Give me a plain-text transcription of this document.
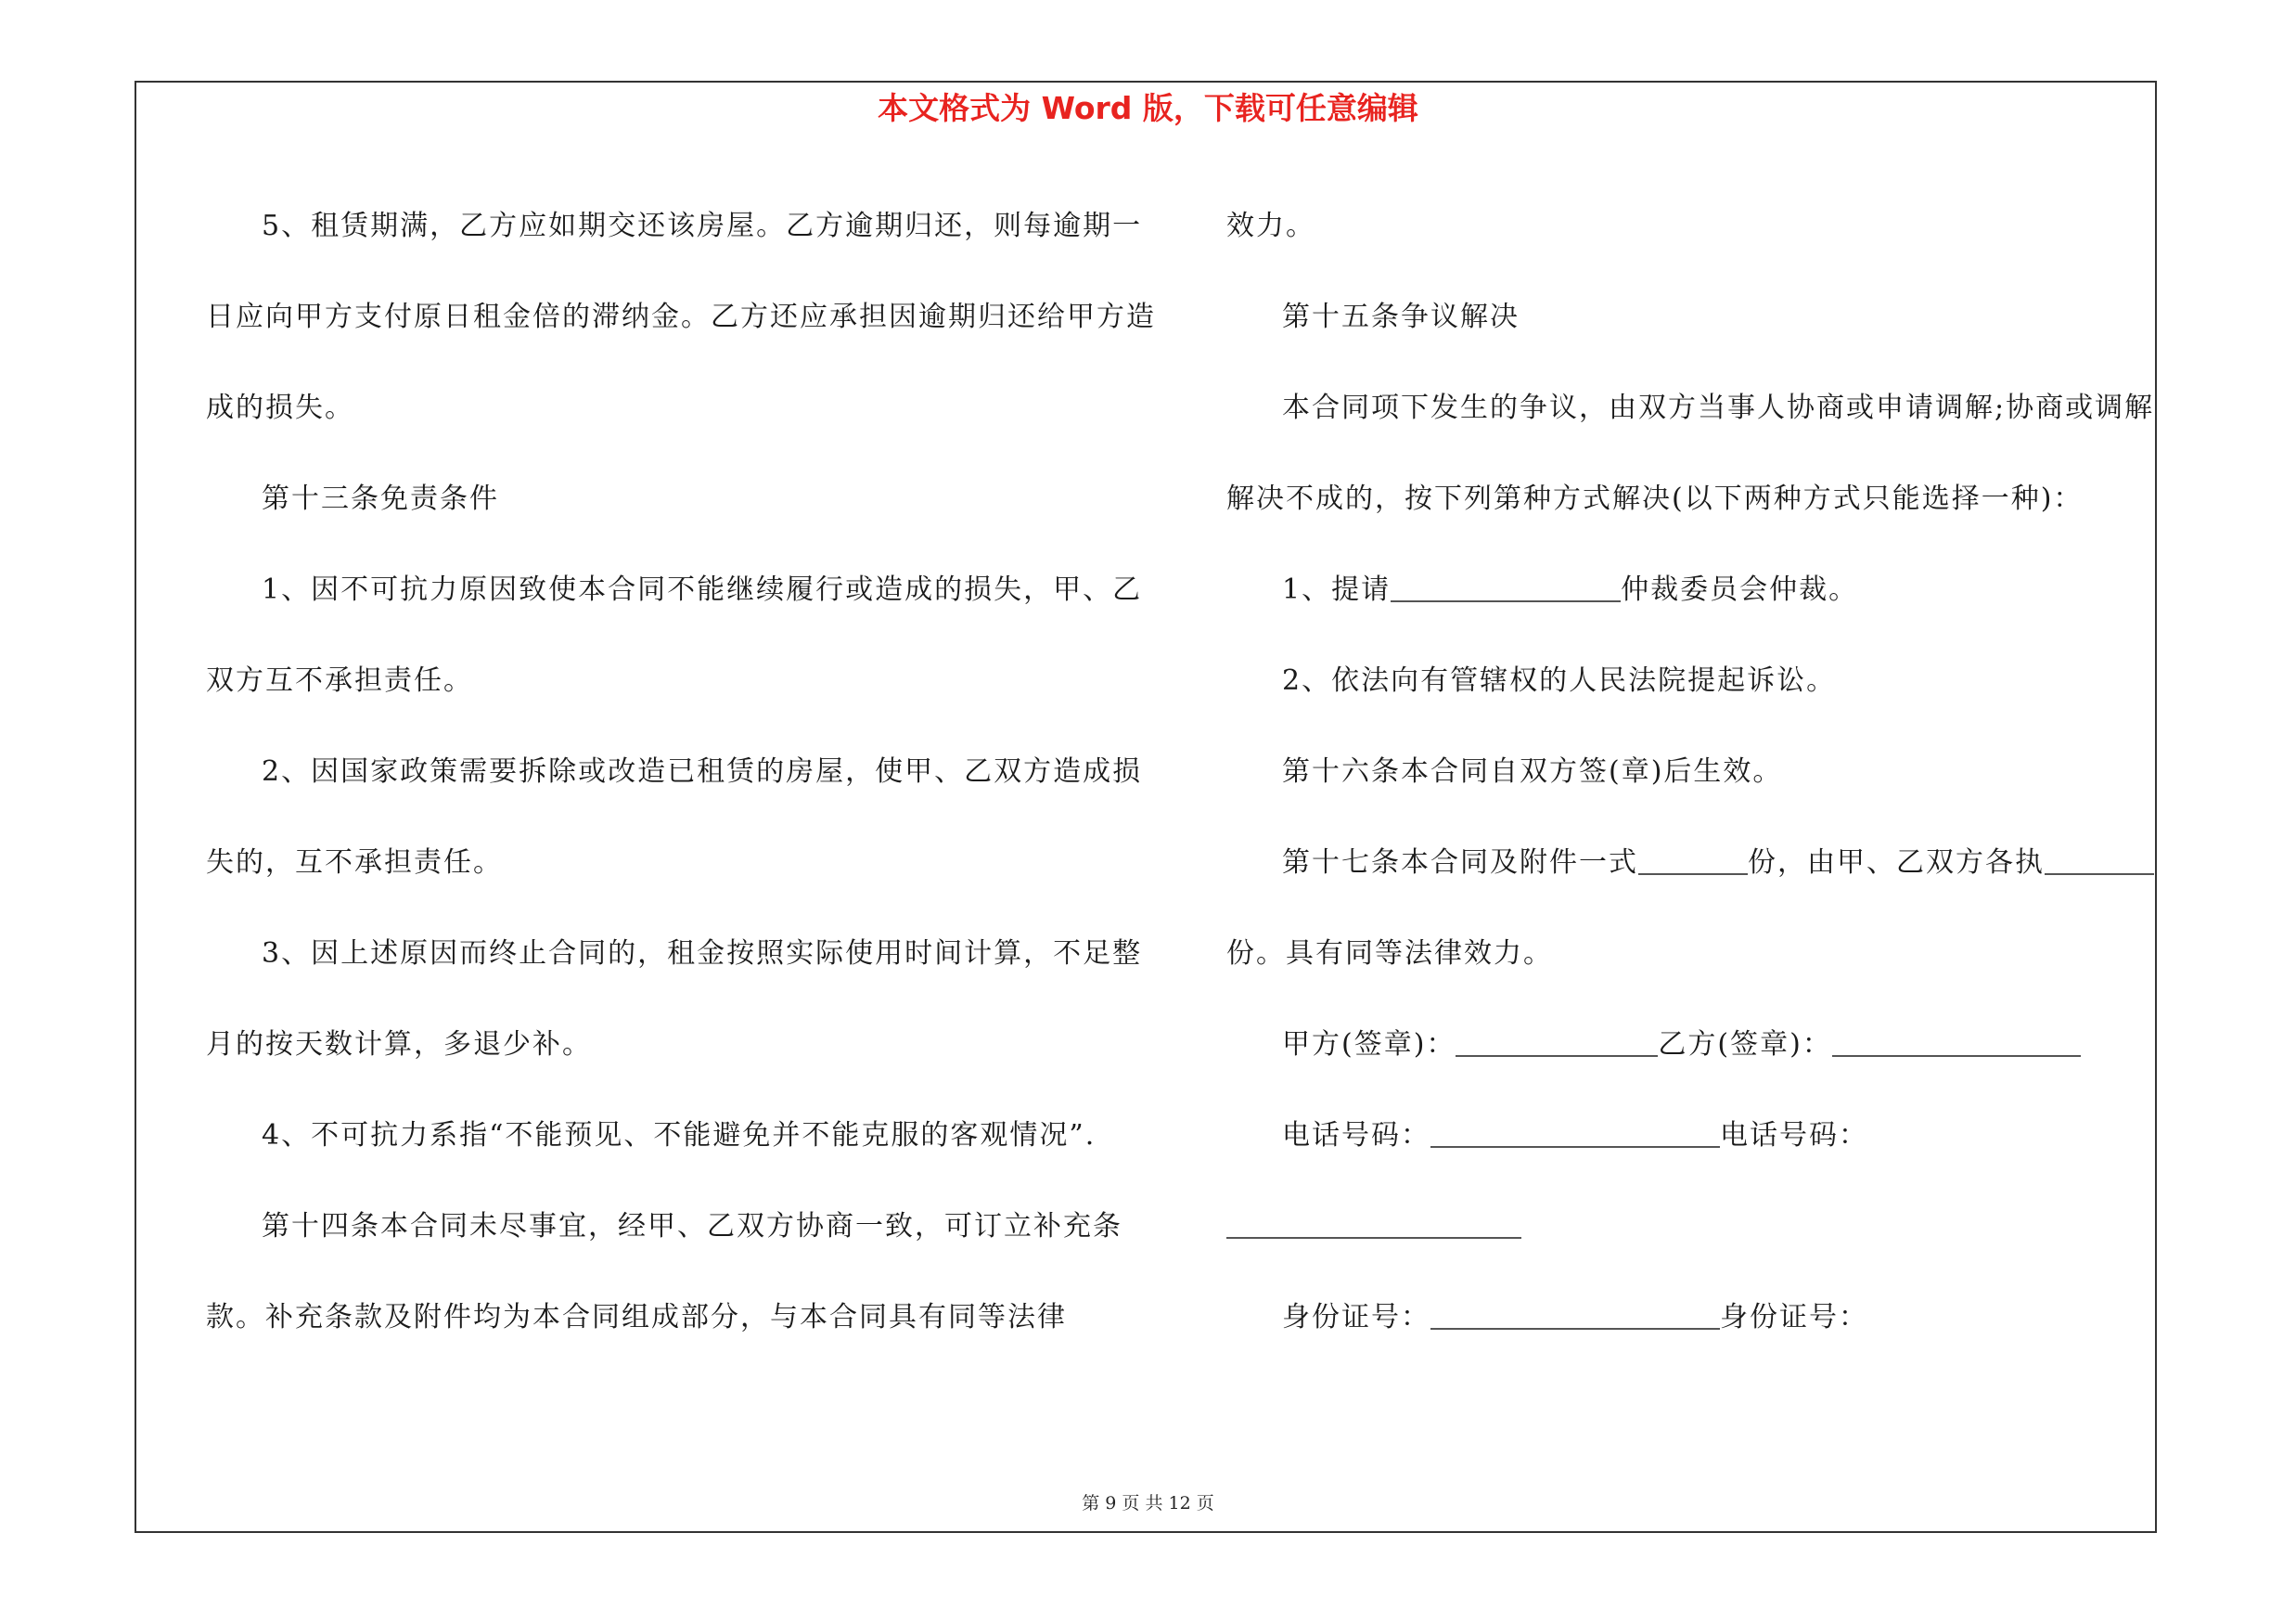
本文格式为 Word 版，下载可任意编辑

5、租赁期满，乙方应如期交还该房屋。乙方逾期归还，则每逾期一日应向甲方支付原日租金倍的滞纳金。乙方还应承担因逾期归还给甲方造成的损失。

第十三条免责条件

1、因不可抗力原因致使本合同不能继续履行或造成的损失，甲、乙双方互不承担责任。

2、因国家政策需要拆除或改造已租赁的房屋，使甲、乙双方造成损失的，互不承担责任。

3、因上述原因而终止合同的，租金按照实际使用时间计算，不足整月的按天数计算，多退少补。

4、不可抗力系指“不能预见、不能避免并不能克服的客观情况”.

第十四条本合同未尽事宜，经甲、乙双方协商一致，可订立补充条款。补充条款及附件均为本合同组成部分，与本合同具有同等法律

效力。

第十五条争议解决

本合同项下发生的争议，由双方当事人协商或申请调解;协商或调解解决不成的，按下列第种方式解决(以下两种方式只能选择一种)：

1、提请	仲裁委员会仲裁。

2、依法向有管辖权的人民法院提起诉讼。

第十六条本合同自双方签(章)后生效。

第十七条本合同及附件一式	份，由甲、乙双方各执份。具有同等法律效力。

甲方(签章)：	乙方(签章)：

电话号码：	电话号码：

身份证号：	身份证号：

第 9 页 共 12 页
